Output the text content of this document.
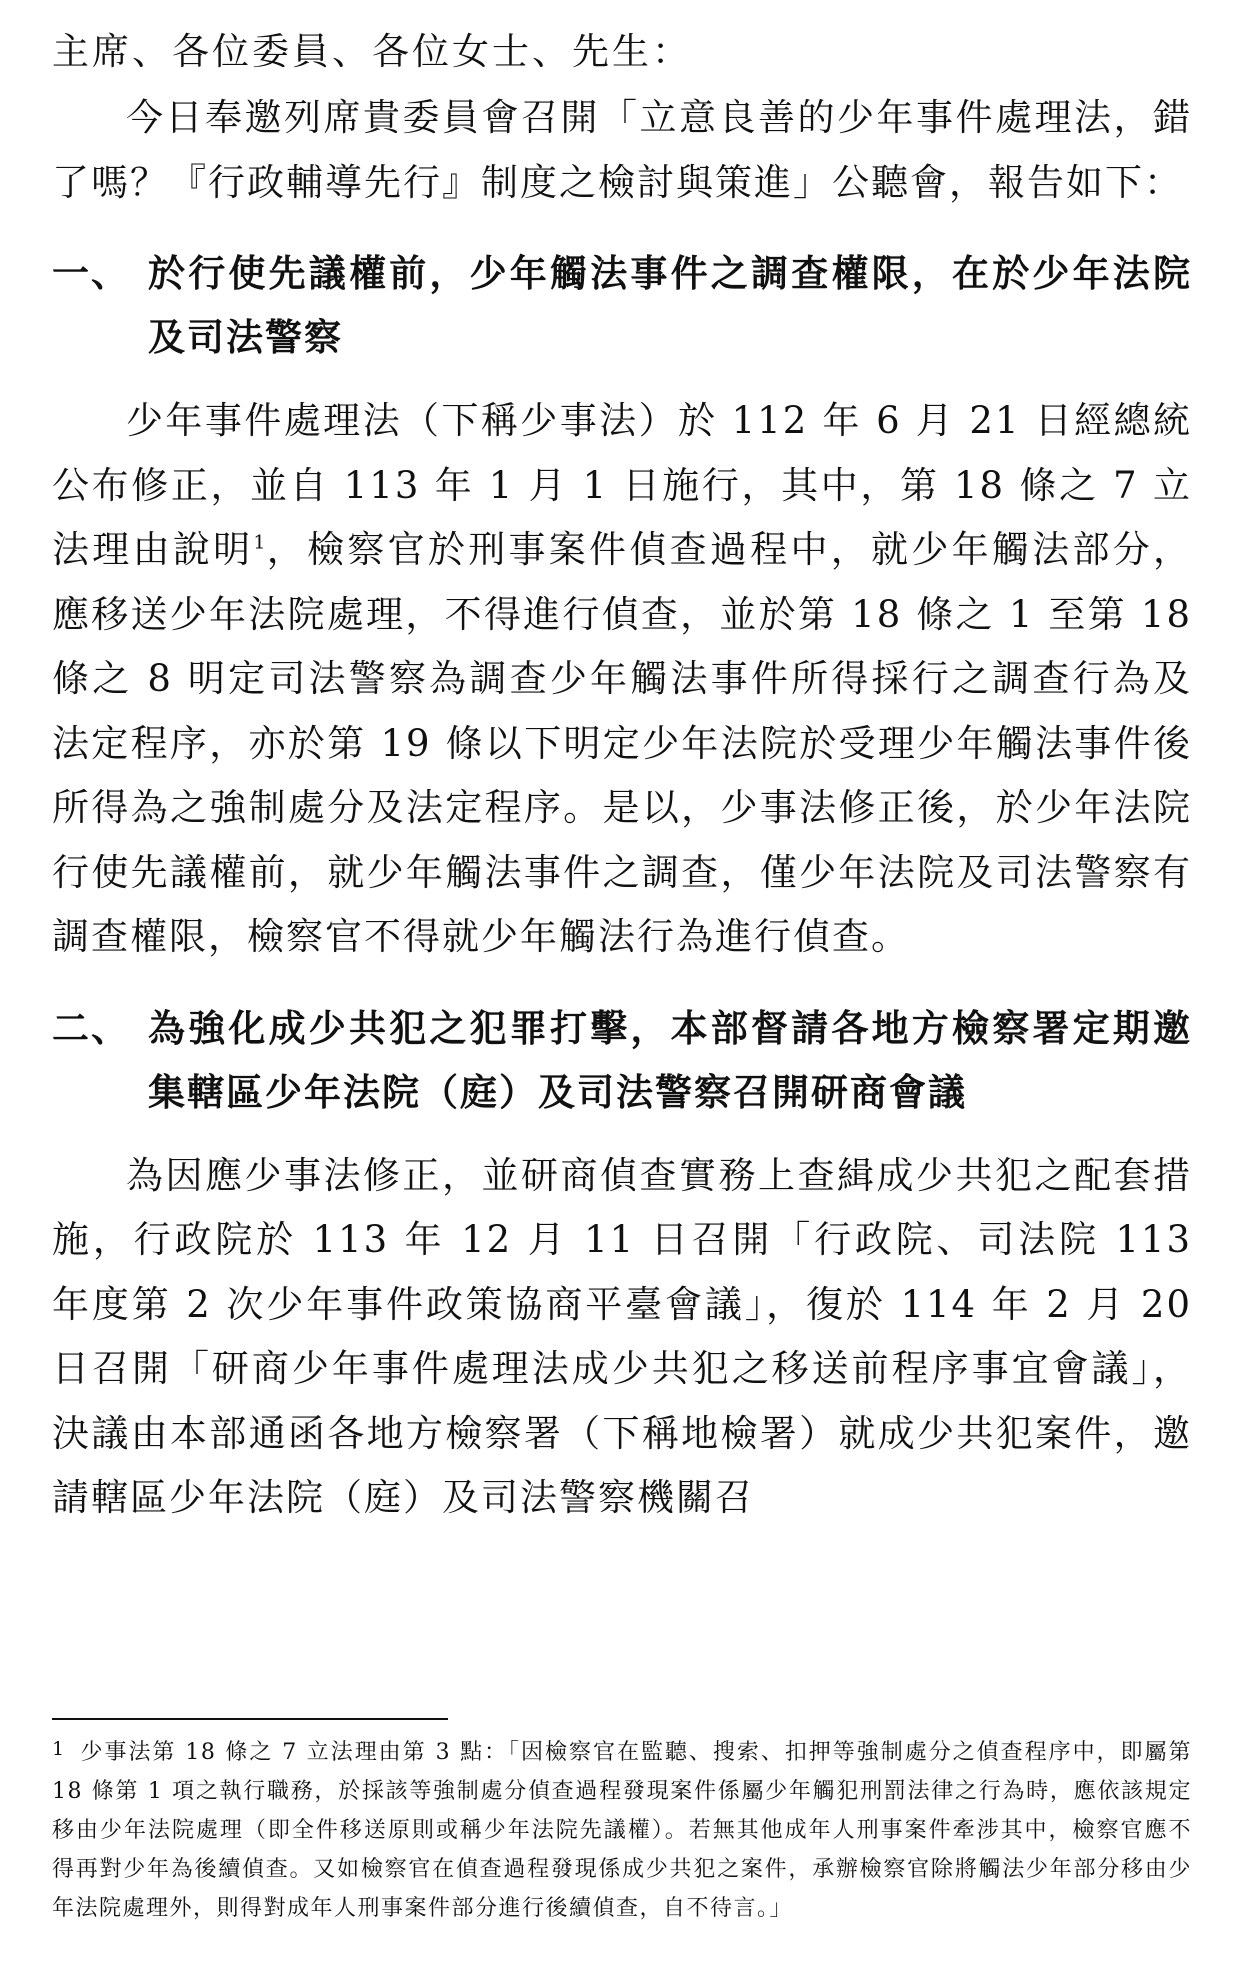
主席、各位委員、各位女士、先生：

今日奉邀列席貴委員會召開「立意良善的少年事件處理法，錯了嗎？『行政輔導先行』制度之檢討與策進」公聽會，報告如下：

一、 於行使先議權前，少年觸法事件之調查權限，在於少年法院及司法警察

少年事件處理法（下稱少事法）於 112 年 6 月 21 日經總統公布修正，並自 113 年 1 月 1 日施行，其中，第 18 條之 7 立法理由說明$^1$，檢察官於刑事案件偵查過程中，就少年觸法部分，應移送少年法院處理，不得進行偵查，並於第 18 條之 1 至第 18 條之 8 明定司法警察為調查少年觸法事件所得採行之調查行為及法定程序，亦於第 19 條以下明定少年法院於受理少年觸法事件後所得為之強制處分及法定程序。是以，少事法修正後，於少年法院行使先議權前，就少年觸法事件之調查，僅少年法院及司法警察有調查權限，檢察官不得就少年觸法行為進行偵查。

二、 為強化成少共犯之犯罪打擊，本部督請各地方檢察署定期邀集轄區少年法院（庭）及司法警察召開研商會議

為因應少事法修正，並研商偵查實務上查緝成少共犯之配套措施，行政院於 113 年 12 月 11 日召開「行政院、司法院 113 年度第 2 次少年事件政策協商平臺會議」，復於 114 年 2 月 20 日召開「研商少年事件處理法成少共犯之移送前程序事宜會議」，決議由本部通函各地方檢察署（下稱地檢署）就成少共犯案件，邀請轄區少年法院（庭）及司法警察機關召

1 少事法第 18 條之 7 立法理由第 3 點：「因檢察官在監聽、搜索、扣押等強制處分之偵查程序中，即屬第 18 條第 1 項之執行職務，於採該等強制處分偵查過程發現案件係屬少年觸犯刑罰法律之行為時，應依該規定移由少年法院處理（即全件移送原則或稱少年法院先議權）。若無其他成年人刑事案件牽涉其中，檢察官應不得再對少年為後續偵查。又如檢察官在偵查過程發現係成少共犯之案件，承辦檢察官除將觸法少年部分移由少年法院處理外，則得對成年人刑事案件部分進行後續偵查，自不待言。」
